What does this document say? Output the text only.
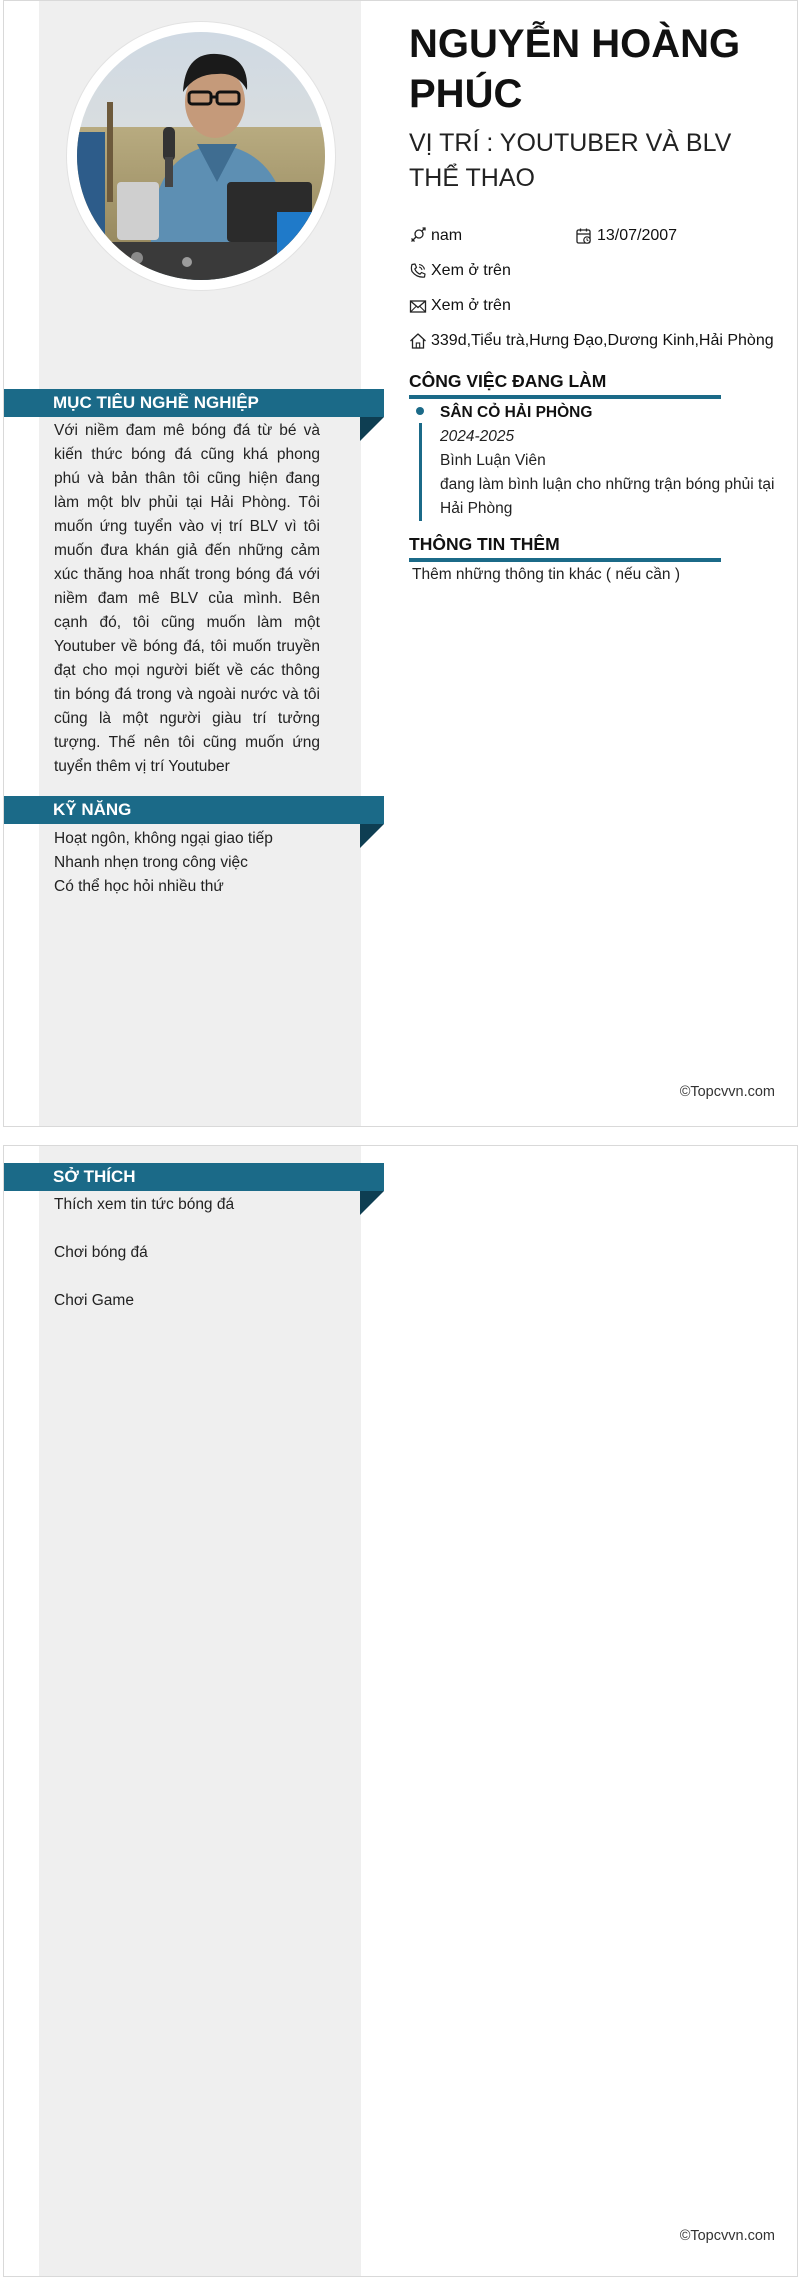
NGUYỄN HOÀNG PHÚC
VỊ TRÍ : YOUTUBER VÀ BLV THỂ THAO
nam	13/07/2007
Xem ở trên
Xem ở trên
339d,Tiểu trà,Hưng Đạo,Dương Kinh,Hải Phòng
MỤC TIÊU NGHỀ NGHIỆP
Với niềm đam mê bóng đá từ bé và kiến thức bóng đá cũng khá phong phú và bản thân tôi cũng hiện đang làm một blv phủi tại Hải Phòng. Tôi muốn ứng tuyển vào vị trí BLV vì tôi muốn đưa khán giả đến những cảm xúc thăng hoa nhất trong bóng đá với niềm đam mê BLV của mình. Bên cạnh đó, tôi cũng muốn làm một Youtuber về bóng đá, tôi muốn truyền đạt cho mọi người biết về các thông tin bóng đá trong và ngoài nước và tôi cũng là một người giàu trí tưởng tượng. Thế nên tôi cũng muốn ứng tuyển thêm vị trí Youtuber
KỸ NĂNG
Hoạt ngôn, không ngại giao tiếp
Nhanh nhẹn trong công việc
Có thể học hỏi nhiều thứ
CÔNG VIỆC ĐANG LÀM
SÂN CỎ HẢI PHÒNG
2024-2025
Bình Luận Viên
đang làm bình luận cho những trận bóng phủi tại Hải Phòng
THÔNG TIN THÊM
Thêm những thông tin khác ( nếu cần )
©Topcvvn.com
SỞ THÍCH
Thích xem tin tức bóng đá
Chơi bóng đá
Chơi Game
©Topcvvn.com
